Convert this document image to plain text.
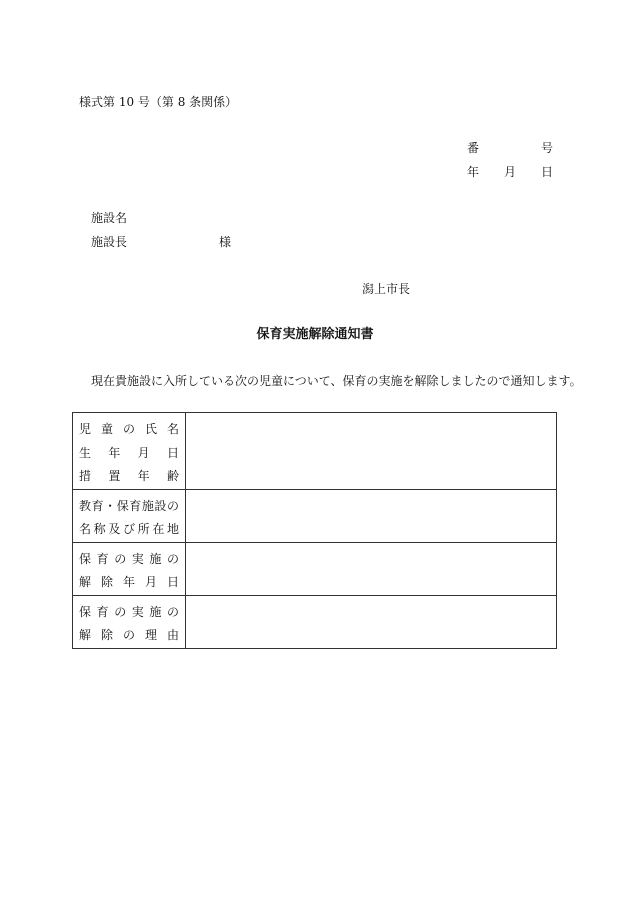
様式第 10 号（第 8 条関係）
番	号
年 月 日
施設名
施設長	様
潟上市長
保育実施解除通知書
現在貴施設に入所している次の児童について、保育の実施を解除しましたので通知します。
児童の氏名
生年月日
措置年齢	

教育・保育施設の
名称及び所在地	

保育の実施の
解除年月日	

保育の実施の
解除の理由	
